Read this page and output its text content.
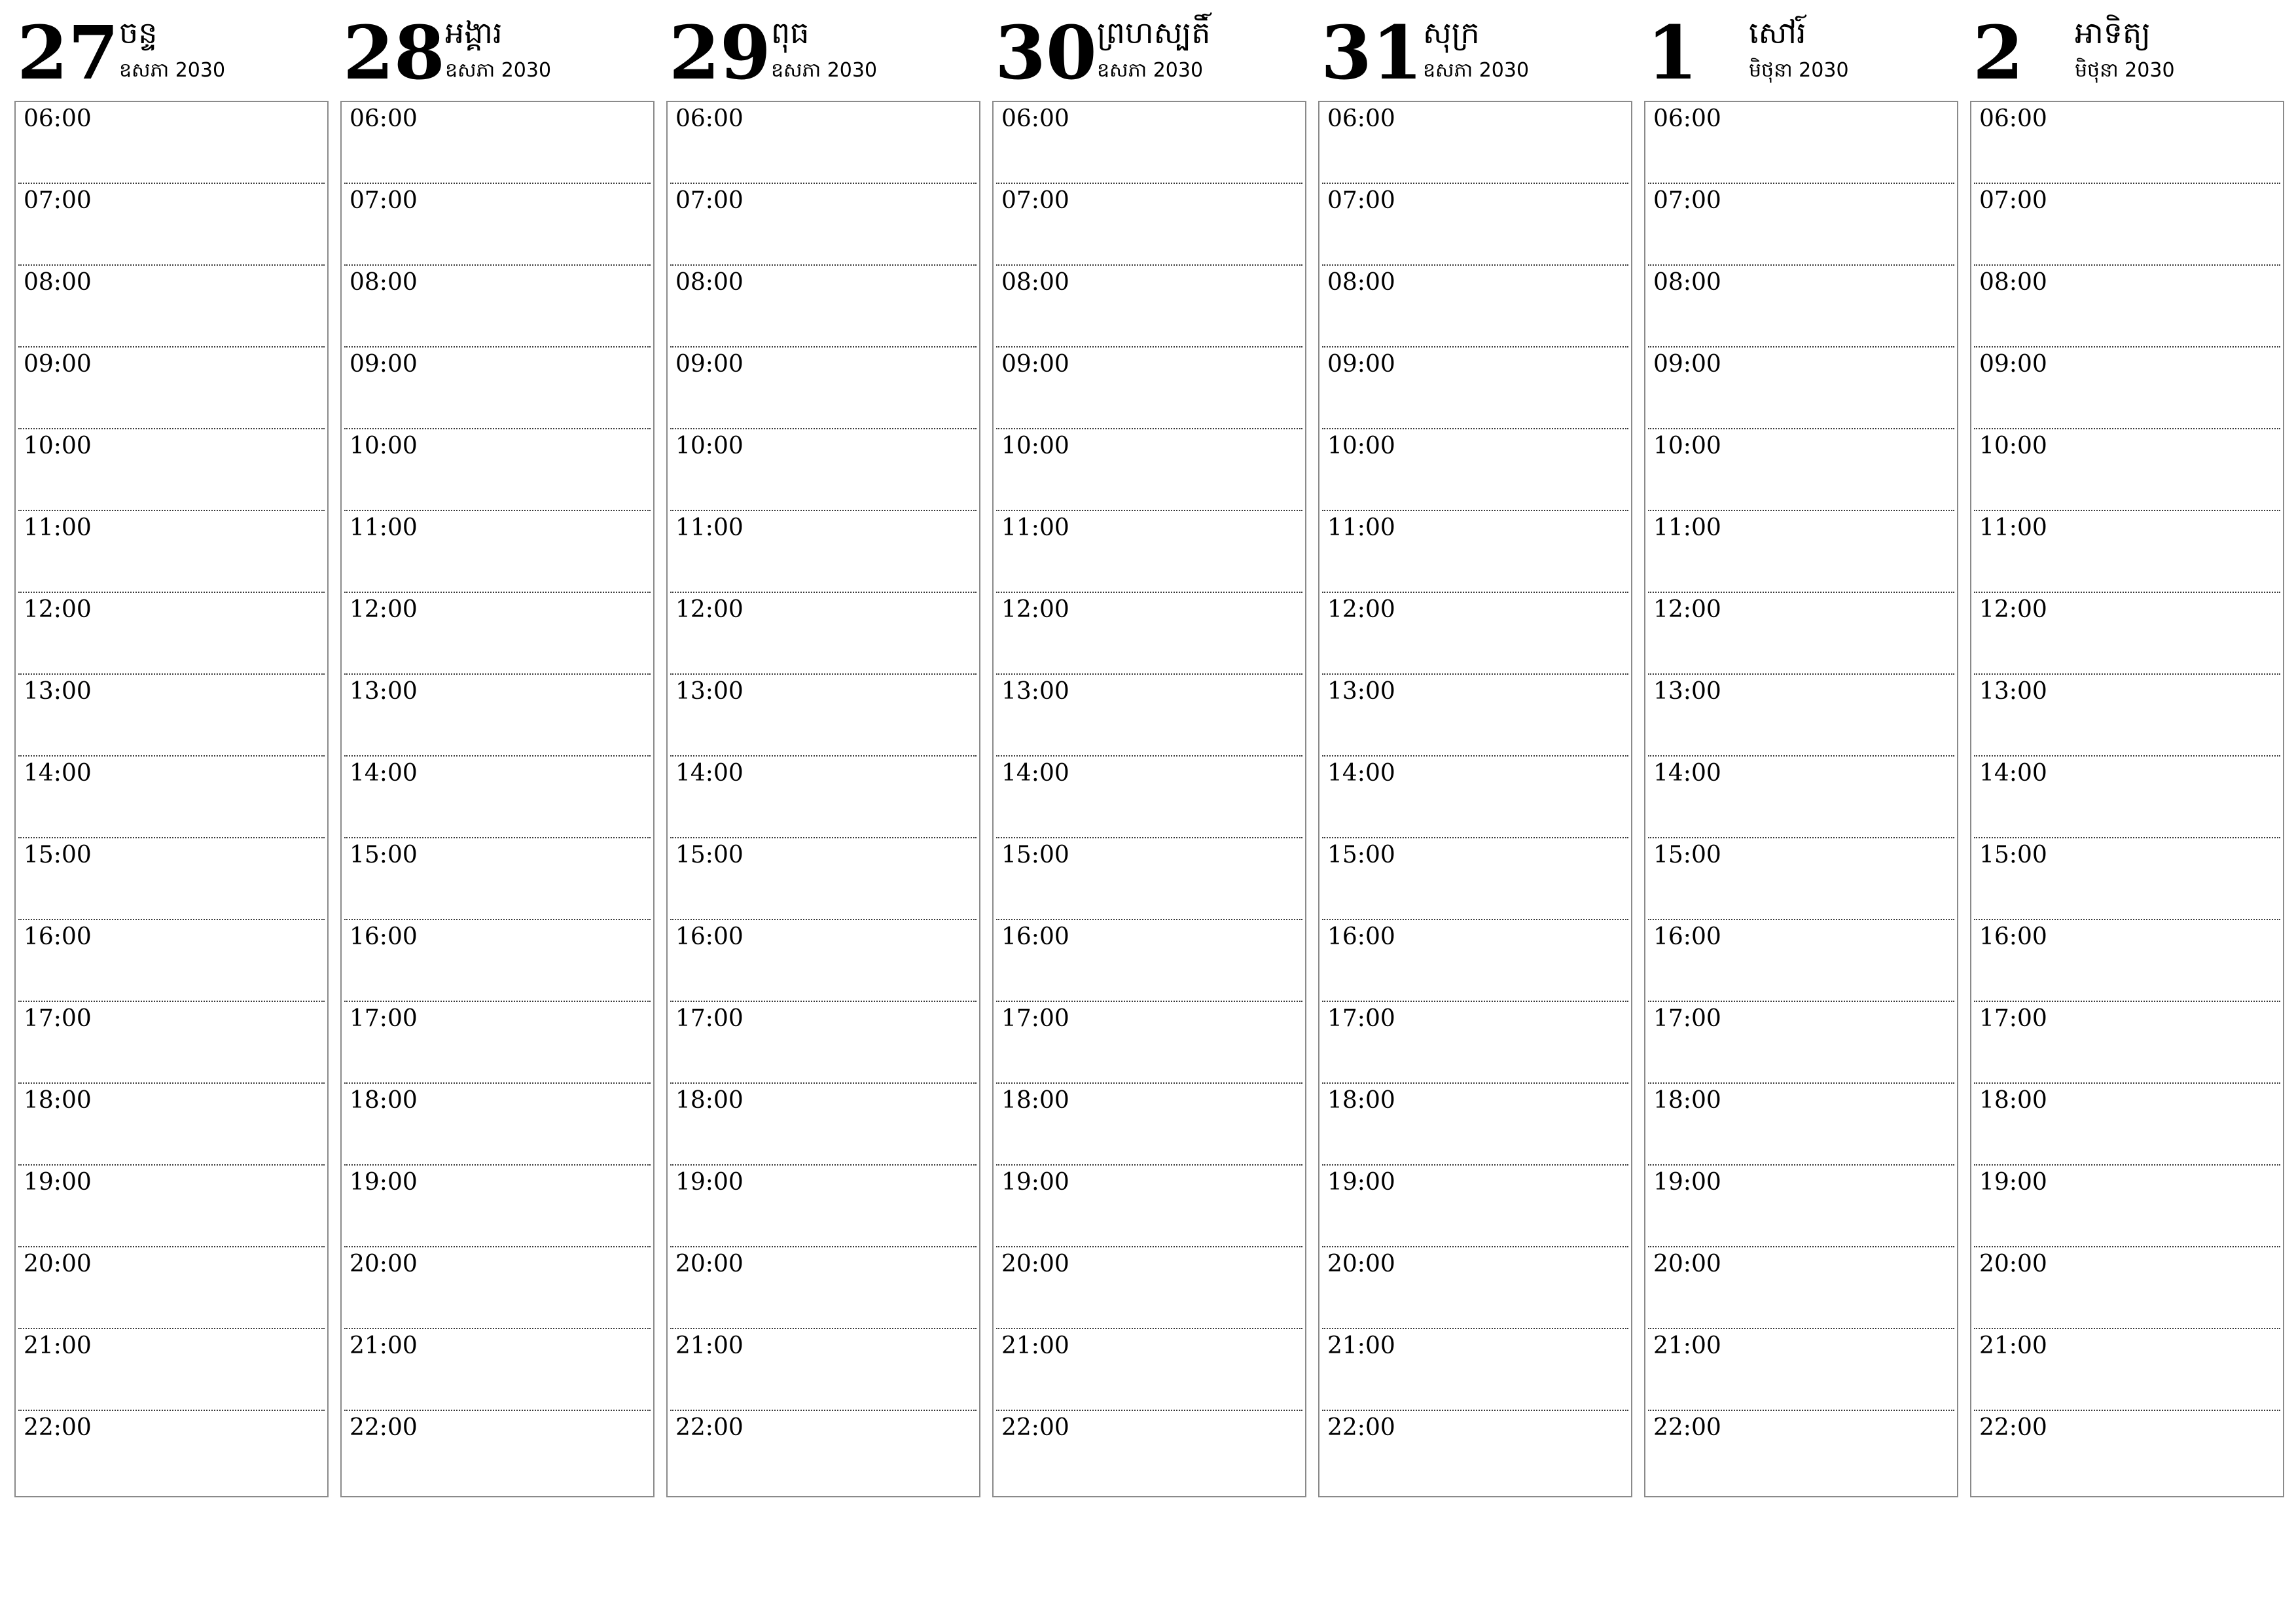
27 ចន្ទ
ឧសភា 2030
06:00
07:00
08:00
09:00
10:00
11:00
12:00
13:00
14:00
15:00
16:00
17:00
18:00
19:00
20:00
21:00
22:00
28 អង្គារ
ឧសភា 2030
06:00
07:00
08:00
09:00
10:00
11:00
12:00
13:00
14:00
15:00
16:00
17:00
18:00
19:00
20:00
21:00
22:00
29 ពុធ
ឧសភា 2030
06:00
07:00
08:00
09:00
10:00
11:00
12:00
13:00
14:00
15:00
16:00
17:00
18:00
19:00
20:00
21:00
22:00
30 ព្រហស្បតិ៍
ឧសភា 2030
06:00
07:00
08:00
09:00
10:00
11:00
12:00
13:00
14:00
15:00
16:00
17:00
18:00
19:00
20:00
21:00
22:00
31 សុក្រ
ឧសភា 2030
06:00
07:00
08:00
09:00
10:00
11:00
12:00
13:00
14:00
15:00
16:00
17:00
18:00
19:00
20:00
21:00
22:00
1 សៅរ៍
មិថុនា 2030
06:00
07:00
08:00
09:00
10:00
11:00
12:00
13:00
14:00
15:00
16:00
17:00
18:00
19:00
20:00
21:00
22:00
2 អាទិត្យ
មិថុនា 2030
06:00
07:00
08:00
09:00
10:00
11:00
12:00
13:00
14:00
15:00
16:00
17:00
18:00
19:00
20:00
21:00
22:00
